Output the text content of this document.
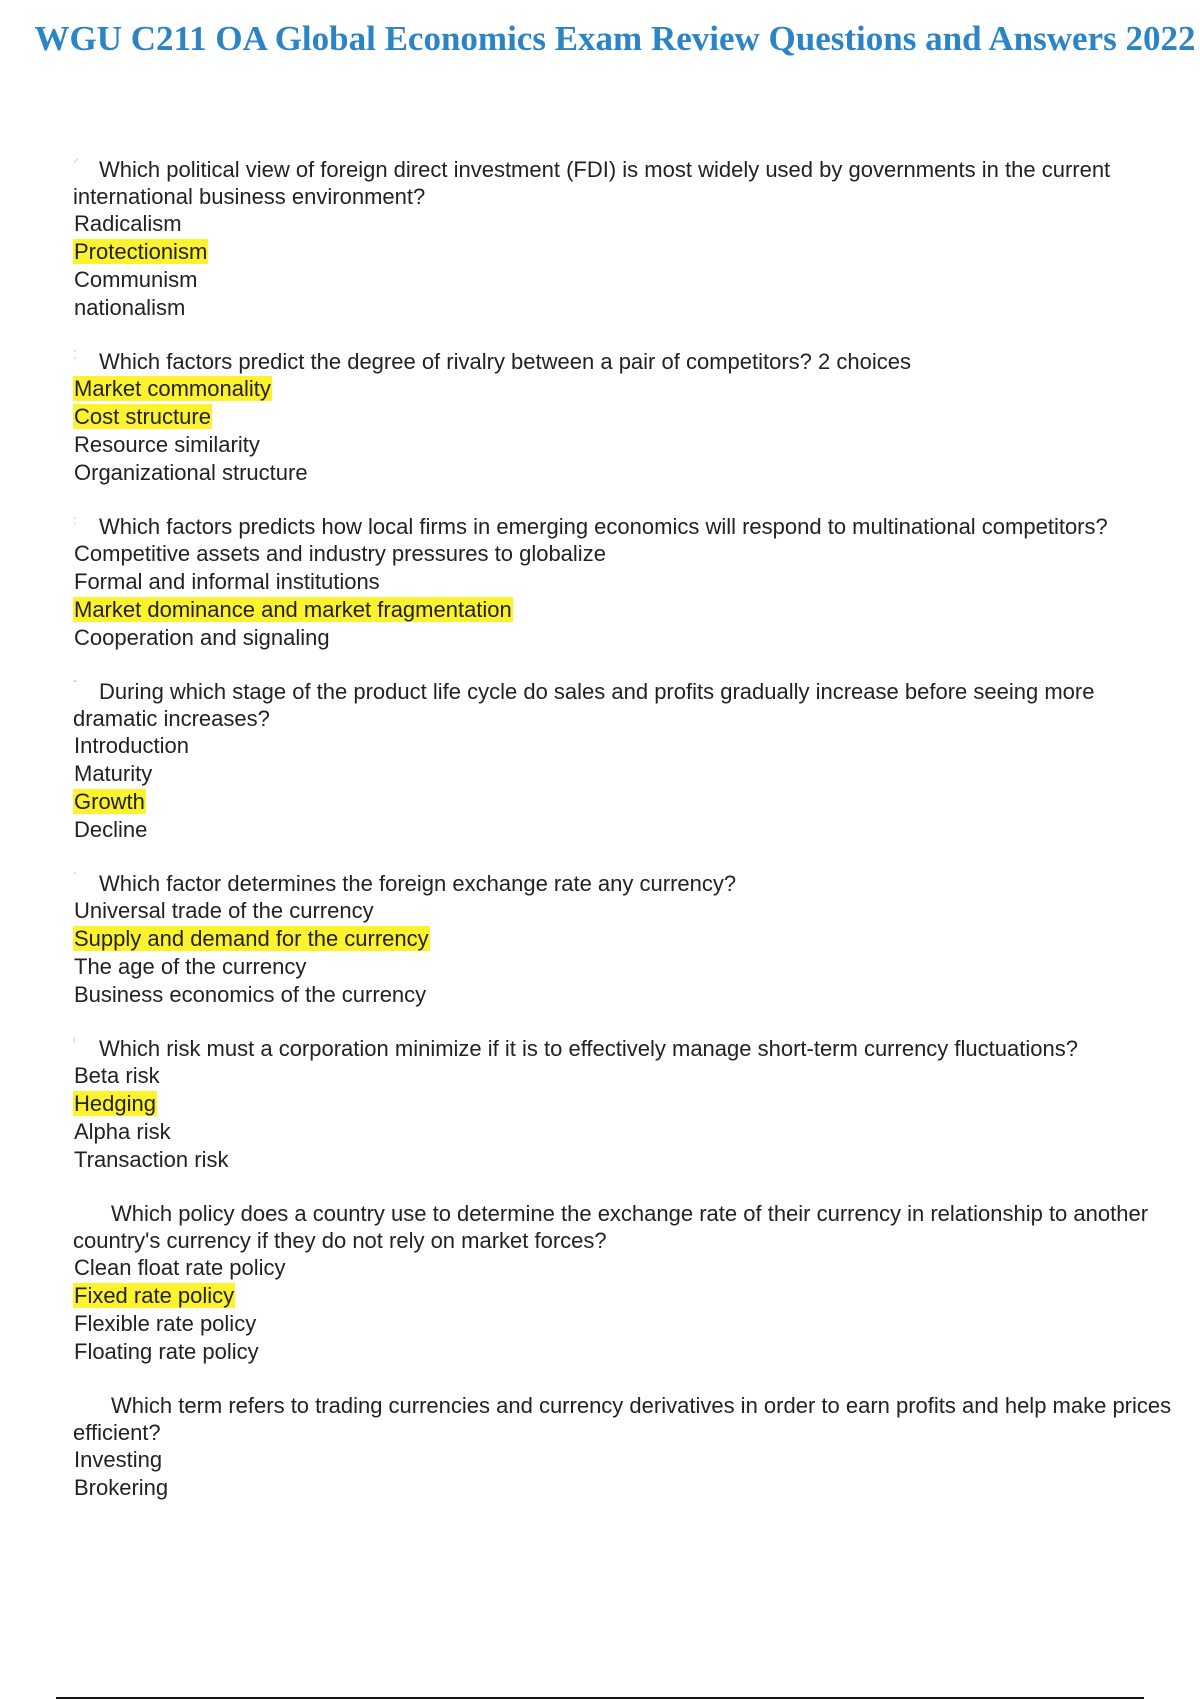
WGU C211 OA Global Economics Exam Review Questions and Answers 2022

⸍ Which political view of foreign direct investment (FDI) is most widely used by governments in the current international business environment?

Radicalism

Protectionism

Communism

nationalism

⁚ Which factors predict the degree of rivalry between a pair of competitors? 2 choices

Market commonality

Cost structure

Resource similarity

Organizational structure

: Which factors predicts how local firms in emerging economics will respond to multinational competitors?

Competitive assets and industry pressures to globalize

Formal and informal institutions

Market dominance and market fragmentation

Cooperation and signaling

ˆ During which stage of the product life cycle do sales and profits gradually increase before seeing more dramatic increases?

Introduction

Maturity

Growth

Decline

ˋ Which factor determines the foreign exchange rate any currency?

Universal trade of the currency

Supply and demand for the currency

The age of the currency

Business economics of the currency

⁽ Which risk must a corporation minimize if it is to effectively manage short-term currency fluctuations?

Beta risk

Hedging

Alpha risk

Transaction risk

Which policy does a country use to determine the exchange rate of their currency in relationship to another country's currency if they do not rely on market forces?

Clean float rate policy

Fixed rate policy

Flexible rate policy

Floating rate policy

Which term refers to trading currencies and currency derivatives in order to earn profits and help make prices efficient?

Investing

Brokering
